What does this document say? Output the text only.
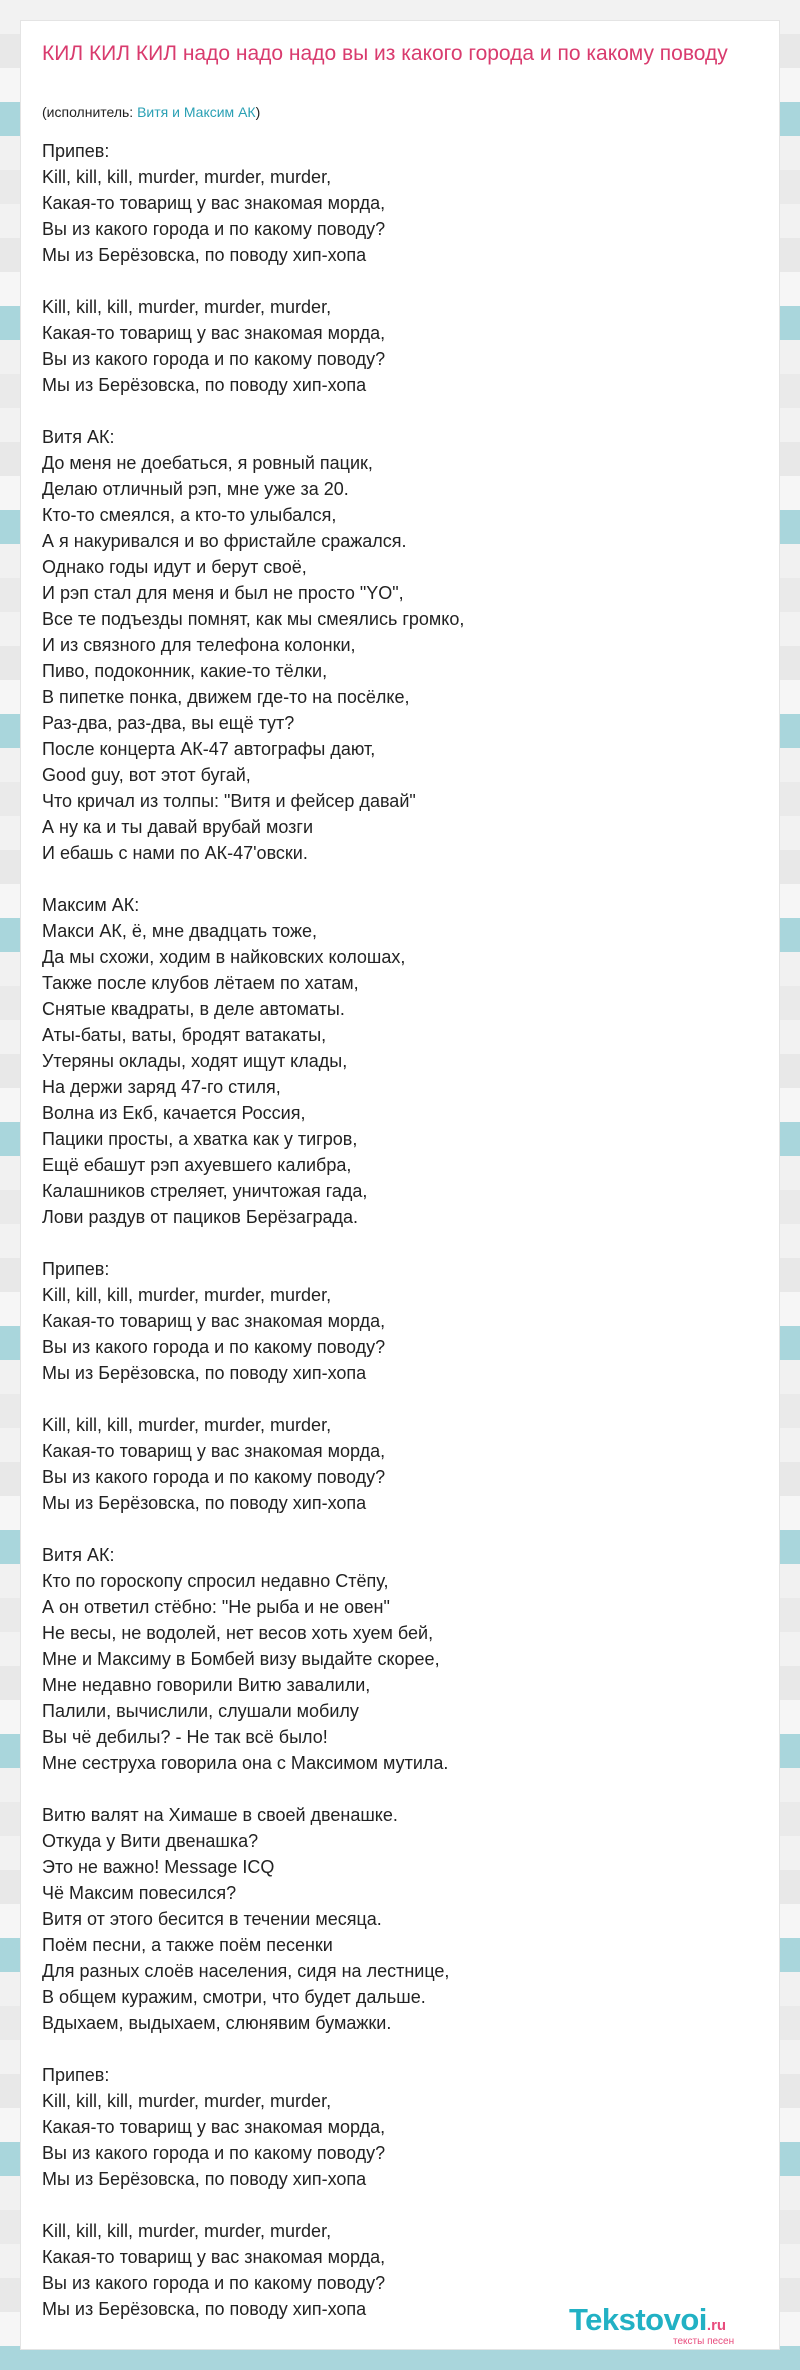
КИЛ КИЛ КИЛ надо надо надо вы из какого города и по какому поводу
(исполнитель: Витя и Максим АК)
Припев:
Kill, kill, kill, murder, murder, murder,
Какая-то товарищ у вас знакомая морда,
Вы из какого города и по какому поводу?
Мы из Берёзовска, по поводу хип-хопа
Kill, kill, kill, murder, murder, murder,
Какая-то товарищ у вас знакомая морда,
Вы из какого города и по какому поводу?
Мы из Берёзовска, по поводу хип-хопа
Витя АК:
До меня не доебаться, я ровный пацик,
Делаю отличный рэп, мне уже за 20.
Кто-то смеялся, а кто-то улыбался,
А я накуривался и во фристайле сражался.
Однако годы идут и берут своё,
И рэп стал для меня и был не просто "YO",
Все те подъезды помнят, как мы смеялись громко,
И из связного для телефона колонки,
Пиво, подоконник, какие-то тёлки,
В пипетке понка, движем где-то на посёлке,
Раз-два, раз-два, вы ещё тут?
После концерта АК-47 автографы дают,
Good guy, вот этот бугай,
Что кричал из толпы: "Витя и фейсер давай"
А ну ка и ты давай врубай мозги
И ебашь с нами по АК-47'овски.
Максим АК:
Макси АК, ё, мне двадцать тоже,
Да мы схожи, ходим в найковских колошах,
Также после клубов лётаем по хатам,
Снятые квадраты, в деле автоматы.
Аты-баты, ваты, бродят ватакаты,
Утеряны оклады, ходят ищут клады,
На держи заряд 47-го стиля,
Волна из Екб, качается Россия,
Пацики просты, а хватка как у тигров,
Ещё ебашут рэп ахуевшего калибра,
Калашников стреляет, уничтожая гада,
Лови раздув от пациков Берёзаграда.
Припев:
Kill, kill, kill, murder, murder, murder,
Какая-то товарищ у вас знакомая морда,
Вы из какого города и по какому поводу?
Мы из Берёзовска, по поводу хип-хопа
Kill, kill, kill, murder, murder, murder,
Какая-то товарищ у вас знакомая морда,
Вы из какого города и по какому поводу?
Мы из Берёзовска, по поводу хип-хопа
Витя АК:
Кто по гороскопу спросил недавно Стёпу,
А он ответил стёбно: "Не рыба и не овен"
Не весы, не водолей, нет весов хоть хуем бей,
Мне и Максиму в Бомбей визу выдайте скорее,
Мне недавно говорили Витю завалили,
Палили, вычислили, слушали мобилу
Вы чё дебилы? - Не так всё было!
Мне сеструха говорила она с Максимом мутила.
Витю валят на Химаше в своей двенашке.
Откуда у Вити двенашка?
Это не важно! Message ICQ
Чё Максим повесился?
Витя от этого бесится в течении месяца.
Поём песни, а также поём песенки
Для разных слоёв населения, сидя на лестнице,
В общем куражим, смотри, что будет дальше.
Вдыхаем, выдыхаем, слюнявим бумажки.
Припев:
Kill, kill, kill, murder, murder, murder,
Какая-то товарищ у вас знакомая морда,
Вы из какого города и по какому поводу?
Мы из Берёзовска, по поводу хип-хопа
Kill, kill, kill, murder, murder, murder,
Какая-то товарищ у вас знакомая морда,
Вы из какого города и по какому поводу?
Мы из Берёзовска, по поводу хип-хопа	Tekstovoi.ru
тексты песен
